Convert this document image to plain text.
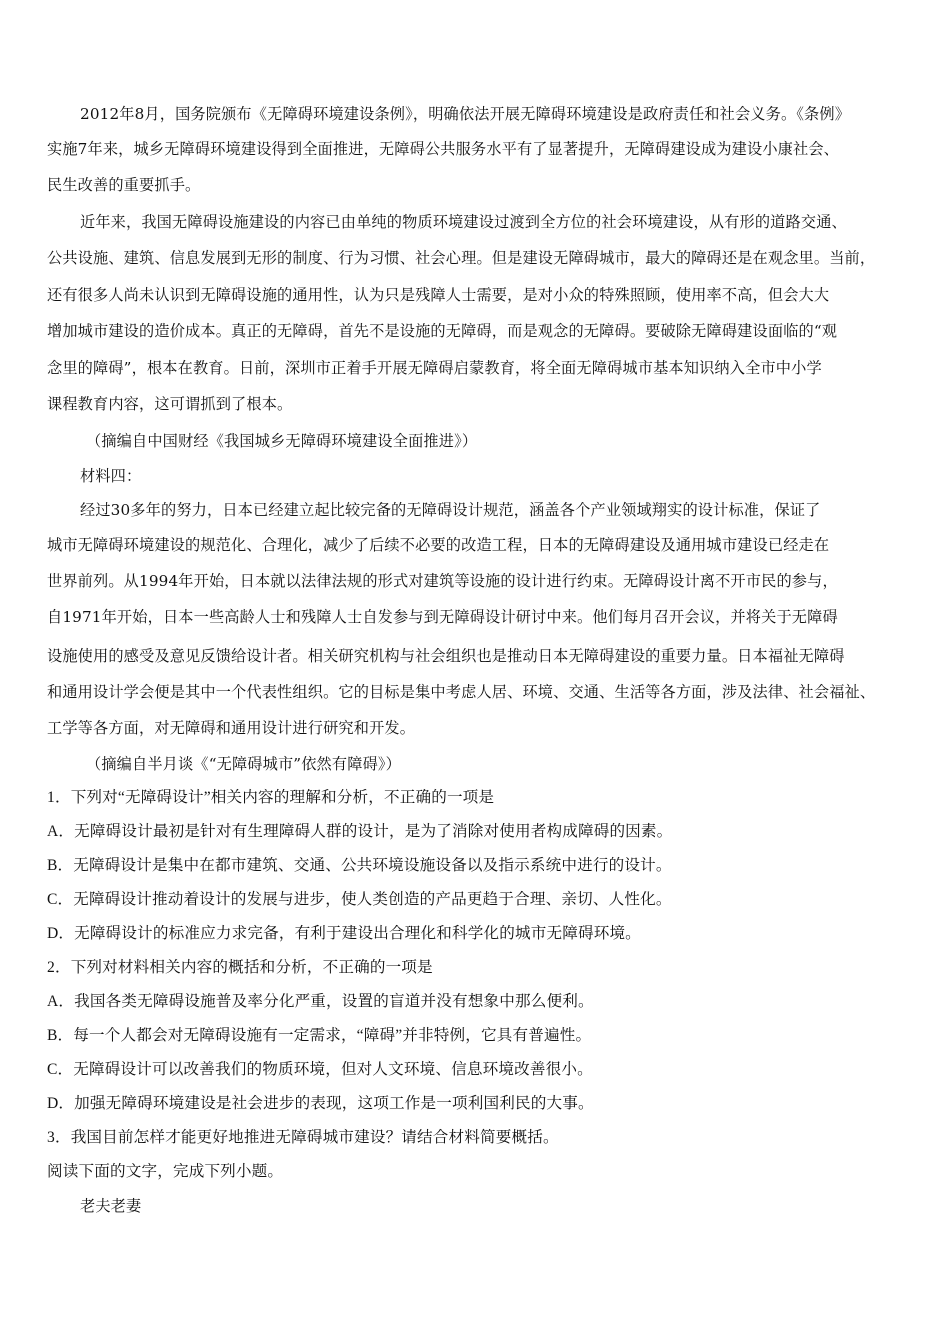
2012年8月，国务院颁布《无障碍环境建设条例》，明确依法开展无障碍环境建设是政府责任和社会义务。《条例》
实施7年来，城乡无障碍环境建设得到全面推进，无障碍公共服务水平有了显著提升，无障碍建设成为建设小康社会、
民生改善的重要抓手。
近年来，我国无障碍设施建设的内容已由单纯的物质环境建设过渡到全方位的社会环境建设，从有形的道路交通、
公共设施、建筑、信息发展到无形的制度、行为习惯、社会心理。但是建设无障碍城市，最大的障碍还是在观念里。当前，
还有很多人尚未认识到无障碍设施的通用性，认为只是残障人士需要，是对小众的特殊照顾，使用率不高，但会大大
增加城市建设的造价成本。真正的无障碍，首先不是设施的无障碍，而是观念的无障碍。要破除无障碍建设面临的“观
念里的障碍”，根本在教育。日前，深圳市正着手开展无障碍启蒙教育，将全面无障碍城市基本知识纳入全市中小学
课程教育内容，这可谓抓到了根本。
（摘编自中国财经《我国城乡无障碍环境建设全面推进》）
材料四：
经过30多年的努力，日本已经建立起比较完备的无障碍设计规范，涵盖各个产业领域翔实的设计标准，保证了
城市无障碍环境建设的规范化、合理化，减少了后续不必要的改造工程，日本的无障碍建设及通用城市建设已经走在
世界前列。从1994年开始，日本就以法律法规的形式对建筑等设施的设计进行约束。无障碍设计离不开市民的参与，
自1971年开始，日本一些高龄人士和残障人士自发参与到无障碍设计研讨中来。他们每月召开会议，并将关于无障碍
设施使用的感受及意见反馈给设计者。相关研究机构与社会组织也是推动日本无障碍建设的重要力量。日本福祉无障碍
和通用设计学会便是其中一个代表性组织。它的目标是集中考虑人居、环境、交通、生活等各方面，涉及法律、社会福祉、
工学等各方面，对无障碍和通用设计进行研究和开发。
（摘编自半月谈《“无障碍城市”依然有障碍》）
1．下列对“无障碍设计”相关内容的理解和分析，不正确的一项是
A．无障碍设计最初是针对有生理障碍人群的设计，是为了消除对使用者构成障碍的因素。
B．无障碍设计是集中在都市建筑、交通、公共环境设施设备以及指示系统中进行的设计。
C．无障碍设计推动着设计的发展与进步，使人类创造的产品更趋于合理、亲切、人性化。
D．无障碍设计的标准应力求完备，有利于建设出合理化和科学化的城市无障碍环境。
2．下列对材料相关内容的概括和分析，不正确的一项是
A．我国各类无障碍设施普及率分化严重，设置的盲道并没有想象中那么便利。
B．每一个人都会对无障碍设施有一定需求，“障碍”并非特例，它具有普遍性。
C．无障碍设计可以改善我们的物质环境，但对人文环境、信息环境改善很小。
D．加强无障碍环境建设是社会进步的表现，这项工作是一项利国利民的大事。
3．我国目前怎样才能更好地推进无障碍城市建设？请结合材料简要概括。
阅读下面的文字，完成下列小题。
老夫老妻
